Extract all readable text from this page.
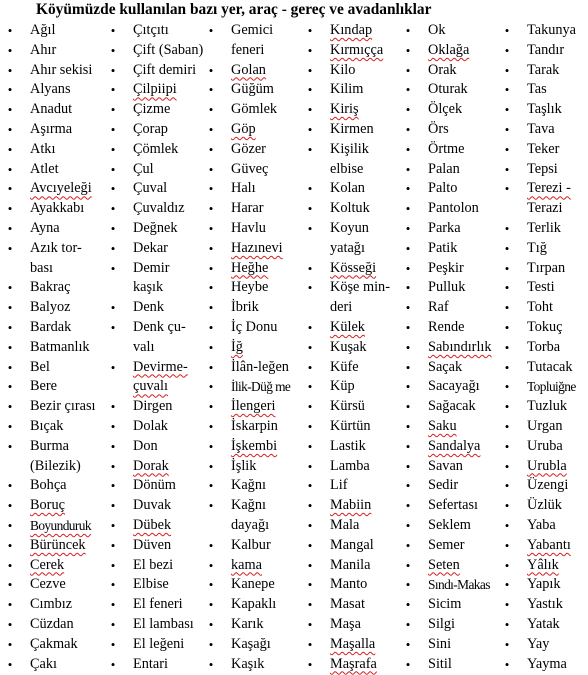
Köyümüzde kullanılan bazı yer, araç - gereç ve avadanlıklar
• Ağıl
• Ahır
• Ahır sekisi
• Alyans
• Anadut
• Aşırma
• Atkı
• Atlet
• Avcıyeleği
• Ayakkabı
• Ayna
• Azık tor-
bası
• Bakraç
• Balyoz
• Bardak
• Batmanlık
• Bel
• Bere
• Bezir çırası
• Bıçak
• Burma
(Bilezik)
• Bohça
• Boruç
• Boyunduruk
• Bürüncek
• Cerek
• Cezve
• Cımbız
• Cüzdan
• Çakmak
• Çakı
• Çıtçıtı
• Çift (Saban)
• Çift demiri
• Çilpiipi
• Çizme
• Çorap
• Çömlek
• Çul
• Çuval
• Çuvaldız
• Değnek
• Dekar
• Demir
kaşık
• Denk
• Denk çu-
valı
• Devirme-
çuvalı
• Dirgen
• Dolak
• Don
• Dorak
• Dönüm
• Duvak
• Dübek
• Düven
• El bezi
• Elbise
• El feneri
• El lambası
• El leğeni
• Entari
• Gemici
feneri
• Golan
• Güğüm
• Gömlek
• Göp
• Gözer
• Güveç
• Halı
• Harar
• Havlu
• Hazınevi
• Heğhe
• Heybe
• İbrik
• İç Donu
• İğ
• İlân-leğen
• İlik-Düğ me
• İlengeri
• İskarpin
• İşkembi
• İşlik
• Kağnı
• Kağnı
dayağı
• Kalbur
• kama
• Kanepe
• Kapaklı
• Karık
• Kaşağı
• Kaşık
• Kındap
• Kırmıçça
• Kilo
• Kilim
• Kiriş
• Kirmen
• Kişilik
elbise
• Kolan
• Koltuk
• Koyun
yatağı
• Kösseği
• Köşe min-
deri
• Külek
• Kuşak
• Küfe
• Küp
• Kürsü
• Kürtün
• Lastik
• Lamba
• Lif
• Mabiin
• Mala
• Mangal
• Manila
• Manto
• Masat
• Maşa
• Maşalla
• Maşrafa
• Ok
• Oklağa
• Orak
• Oturak
• Ölçek
• Örs
• Örtme
• Palan
• Palto
• Pantolon
• Parka
• Patik
• Peşkir
• Pulluk
• Raf
• Rende
• Sabındırlık
• Saçak
• Sacayağı
• Sağacak
• Saku
• Sandalya
• Savan
• Sedir
• Sefertası
• Seklem
• Semer
• Seten
• Sındı-Makas
• Sicim
• Silgi
• Sini
• Sitil
• Takunya
• Tandır
• Tarak
• Tas
• Taşlık
• Tava
• Teker
• Tepsi
• Terezi -
Terazi
• Terlik
• Tığ
• Tırpan
• Testi
• Toht
• Tokuç
• Torba
• Tutacak
• Topluiğne
• Tuzluk
• Urgan
• Uruba
• Urubla
• Üzengi
• Üzlük
• Yaba
• Yabantı
• Yâlık
• Yapık
• Yastık
• Yatak
• Yay
• Yayma
